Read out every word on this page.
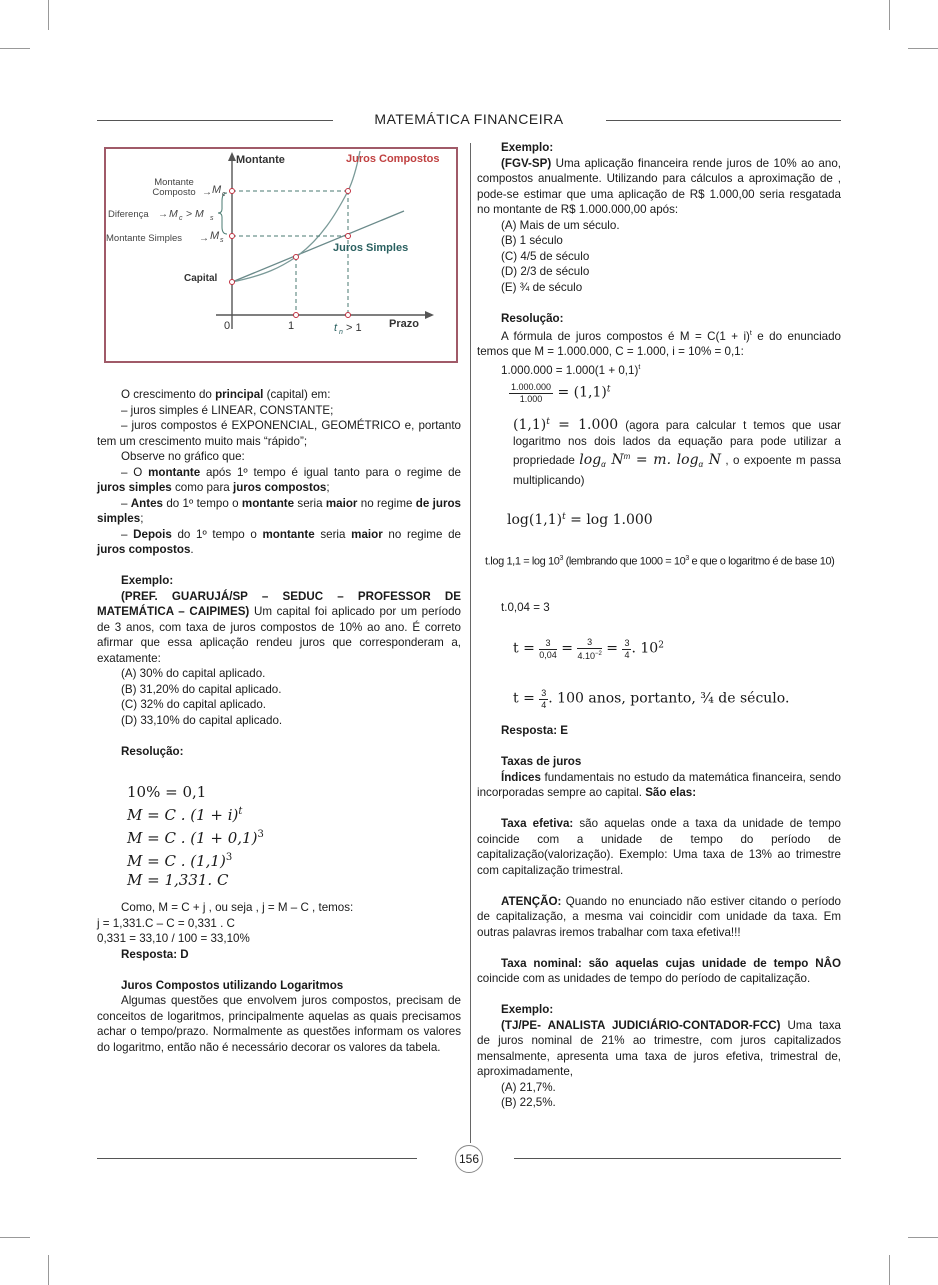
MATEMÁTICA FINANCEIRA
Montante	Juros Compostos
Juros Simples
Montante
Composto → M c
Diferença → M c > M s
Montante Simples → M s
Capital
0	1	t n > 1 Prazo

O crescimento do principal (capital) em:

– juros simples é LINEAR, CONSTANTE;

– juros compostos é EXPONENCIAL, GEOMÉTRICO e, portanto tem um crescimento muito mais “rápido”;

Observe no gráfico que:

– O montante após 1º tempo é igual tanto para o regime de juros simples como para juros compostos;

– Antes do 1º tempo o montante seria maior no regime de juros simples;

– Depois do 1º tempo o montante seria maior no regime de juros compostos.

Exemplo:

(PREF. GUARUJÁ/SP – SEDUC – PROFESSOR DE MATEMÁTICA – CAIPIMES) Um capital foi aplicado por um período de 3 anos, com taxa de juros compostos de 10% ao ano. É correto afirmar que essa aplicação rendeu juros que corresponderam a, exatamente:

(A) 30% do capital aplicado.

(B) 31,20% do capital aplicado.

(C) 32% do capital aplicado.

(D) 33,10% do capital aplicado.

Resolução:

10% = 0,1
M = C . $(1 + i)^t$
M = C . $(1 + 0,1)^3$
M = C . $(1,1)^3$
M = 1,331. C

Como, M = C + j , ou seja , j = M – C , temos:

j = 1,331.C – C = 0,331 . C

0,331 = 33,10 / 100 = 33,10%

Resposta: D

Juros Compostos utilizando Logaritmos

Algumas questões que envolvem juros compostos, precisam de conceitos de logaritmos, principalmente aquelas as quais precisamos achar o tempo/prazo. Normalmente as questões informam os valores do logaritmo, então não é necessário decorar os valores da tabela.

Exemplo:

(FGV-SP) Uma aplicação financeira rende juros de 10% ao ano, compostos anualmente. Utilizando para cálculos a aproximação de , pode-se estimar que uma aplicação de R$ 1.000,00 seria resgatada no montante de R$ 1.000.000,00 após:

(A) Mais de um século.

(B) 1 século

(C) 4/5 de século

(D) 2/3 de século

(E) ¾ de século

Resolução:

A fórmula de juros compostos é $M = C(1 + i)^t$ e do enunciado temos que M = 1.000.000, C = 1.000, i = 10% = 0,1:

$1.000.000 = 1.000(1 + 0,1)^t$

$\frac{1.000.000}{1.000} = (1,1)^t$

$(1,1)^t = 1.000$ (agora para calcular t temos que usar logaritmo nos dois lados da equação para pode utilizar a propriedade $\log_\alpha N^m = m$. $\log_\alpha N$ , o expoente m passa multiplicando)

$\log(1,1)^t = \log 1.000$

t.log $1,1 = \log 10^3$ (lembrando que $1000 = 10^3$ e que o logaritmo é de base 10)

t.0,04 = 3

$t = \frac{3}{0,04} = \frac{3}{4.10^{-2}} = \frac{3}{4}$ . $10^2$
$t = \frac{3}{4}$ . 100 anos, portanto, ¾ de século.

Resposta: E

Taxas de juros

Índices fundamentais no estudo da matemática financeira, sendo incorporadas sempre ao capital. São elas:

Taxa efetiva: são aquelas onde a taxa da unidade de tempo coincide com a unidade de tempo do período de capitalização(valorização). Exemplo: Uma taxa de 13% ao trimestre com capitalização trimestral.

ATENÇÃO: Quando no enunciado não estiver citando o período de capitalização, a mesma vai coincidir com unidade da taxa. Em outras palavras iremos trabalhar com taxa efetiva!!!

Taxa nominal: são aquelas cujas unidade de tempo NÂO coincide com as unidades de tempo do período de capitalização.

Exemplo:

(TJ/PE- ANALISTA JUDICIÁRIO-CONTADOR-FCC) Uma taxa de juros nominal de 21% ao trimestre, com juros capitalizados mensalmente, apresenta uma taxa de juros efetiva, trimestral de, aproximadamente,

(A) 21,7%.

(B) 22,5%.

156
